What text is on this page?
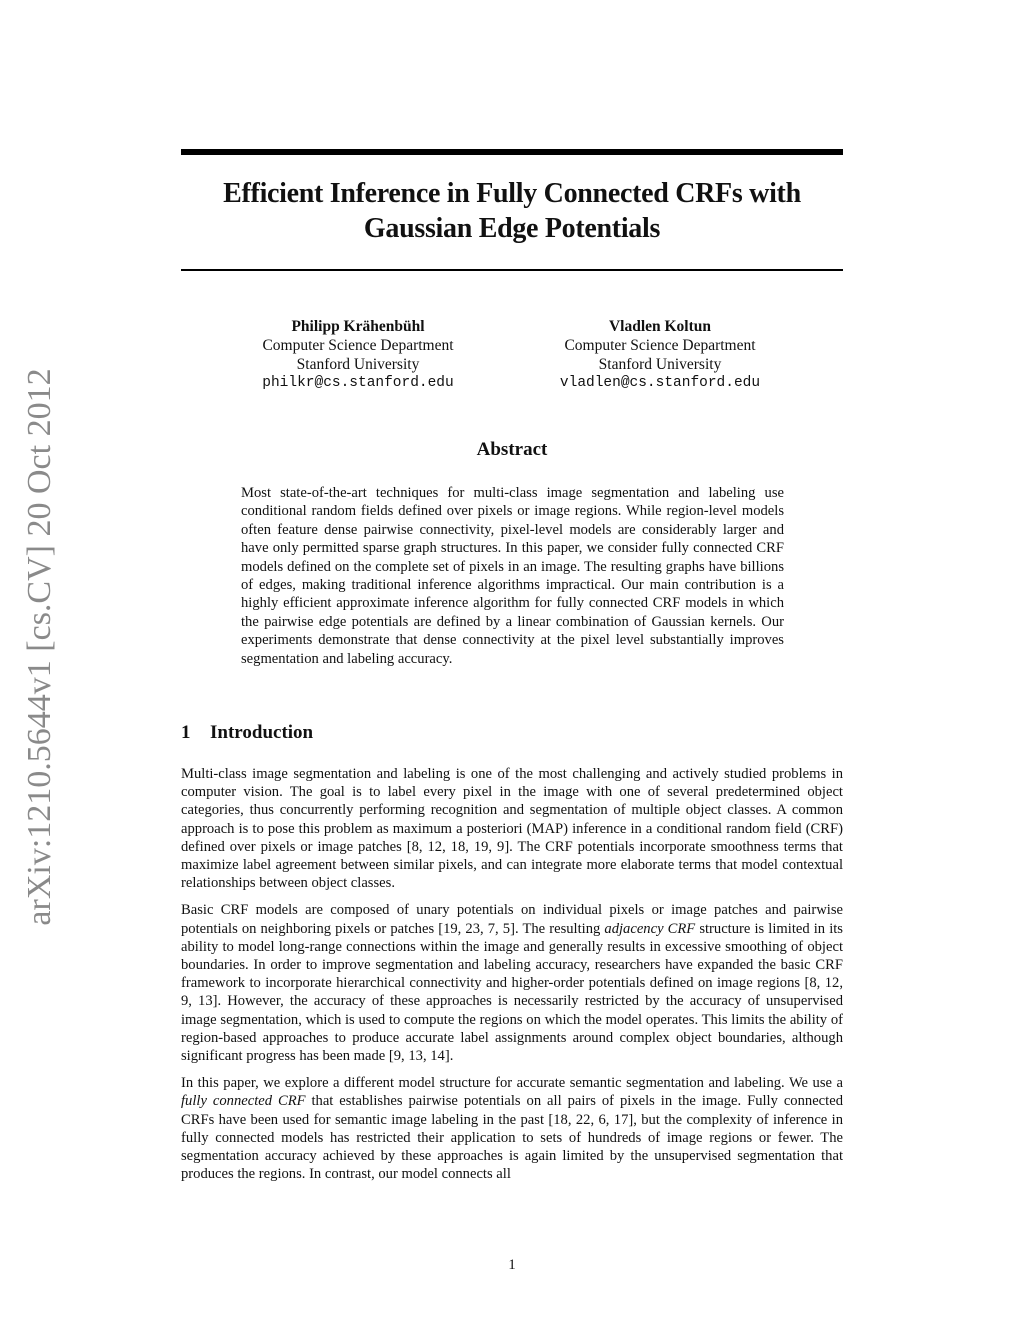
arXiv:1210.5644v1 [cs.CV] 20 Oct 2012
Efficient Inference in Fully Connected CRFs with Gaussian Edge Potentials
Philipp Krähenbühl
Computer Science Department
Stanford University
philkr@cs.stanford.edu
Vladlen Koltun
Computer Science Department
Stanford University
vladlen@cs.stanford.edu
Abstract
Most state-of-the-art techniques for multi-class image segmentation and labeling use conditional random fields defined over pixels or image regions. While region-level models often feature dense pairwise connectivity, pixel-level models are considerably larger and have only permitted sparse graph structures. In this paper, we consider fully connected CRF models defined on the complete set of pixels in an image. The resulting graphs have billions of edges, making traditional inference algorithms impractical. Our main contribution is a highly efficient approximate inference algorithm for fully connected CRF models in which the pairwise edge potentials are defined by a linear combination of Gaussian kernels. Our experiments demonstrate that dense connectivity at the pixel level substantially improves segmentation and labeling accuracy.
1 Introduction

Multi-class image segmentation and labeling is one of the most challenging and actively studied problems in computer vision. The goal is to label every pixel in the image with one of several predetermined object categories, thus concurrently performing recognition and segmentation of multiple object classes. A common approach is to pose this problem as maximum a posteriori (MAP) inference in a conditional random field (CRF) defined over pixels or image patches [8, 12, 18, 19, 9]. The CRF potentials incorporate smoothness terms that maximize label agreement between similar pixels, and can integrate more elaborate terms that model contextual relationships between object classes.

Basic CRF models are composed of unary potentials on individual pixels or image patches and pairwise potentials on neighboring pixels or patches [19, 23, 7, 5]. The resulting adjacency CRF structure is limited in its ability to model long-range connections within the image and generally results in excessive smoothing of object boundaries. In order to improve segmentation and labeling accuracy, researchers have expanded the basic CRF framework to incorporate hierarchical connectivity and higher-order potentials defined on image regions [8, 12, 9, 13]. However, the accuracy of these approaches is necessarily restricted by the accuracy of unsupervised image segmentation, which is used to compute the regions on which the model operates. This limits the ability of region-based approaches to produce accurate label assignments around complex object boundaries, although significant progress has been made [9, 13, 14].

In this paper, we explore a different model structure for accurate semantic segmentation and labeling. We use a fully connected CRF that establishes pairwise potentials on all pairs of pixels in the image. Fully connected CRFs have been used for semantic image labeling in the past [18, 22, 6, 17], but the complexity of inference in fully connected models has restricted their application to sets of hundreds of image regions or fewer. The segmentation accuracy achieved by these approaches is again limited by the unsupervised segmentation that produces the regions. In contrast, our model connects all

1
